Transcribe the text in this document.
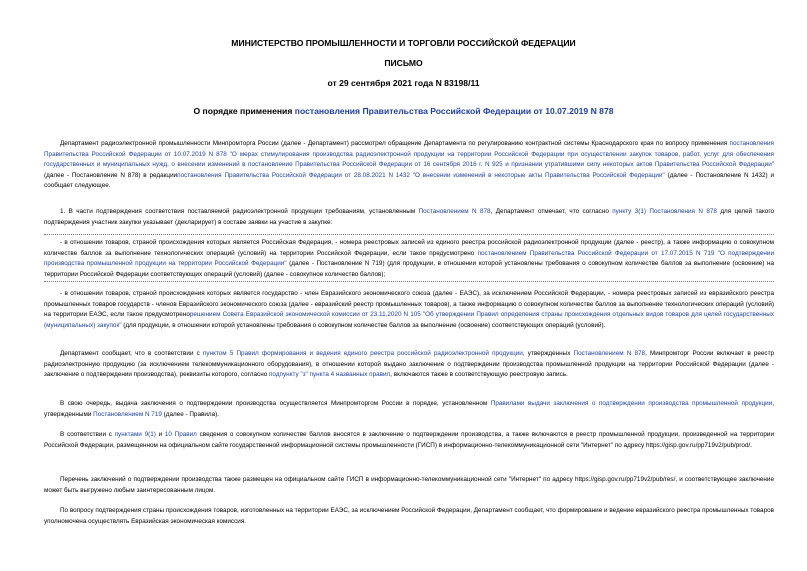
МИНИСТЕРСТВО ПРОМЫШЛЕННОСТИ И ТОРГОВЛИ РОССИЙСКОЙ ФЕДЕРАЦИИ
ПИСЬМО
от 29 сентября 2021 года N 83198/11
О порядке применения постановления Правительства Российской Федерации от 10.07.2019 N 878

Департамент радиоэлектронной промышленности Минпромторга России (далее - Департамент) рассмотрел обращение Департамента по регулированию контрактной системы Краснодарского края по вопросу применения постановления Правительства Российской Федерации от 10.07.2019 N 878 "О мерах стимулирования производства радиоэлектронной продукции на территории Российской Федерации при осуществлении закупок товаров, работ, услуг для обеспечения государственных и муниципальных нужд, о внесении изменений в постановление Правительства Российской Федерации от 16 сентября 2016 г. N 925 и признании утратившими силу некоторых актов Правительства Российской Федерации" (далее - Постановление N 878) в редакциипостановления Правительства Российской Федерации от 28.08.2021 N 1432 "О внесении изменений в некоторые акты Правительства Российской Федерации" (далее - Постановление N 1432) и сообщает следующее.

1. В части подтверждения соответствия поставляемой радиоэлектронной продукции требованиям, установленным Постановлением N 878, Департамент отмечает, что согласно пункту 3(1) Постановления N 878 для целей такого подтверждения участник закупки указывает (декларирует) в составе заявки на участие в закупке:

- в отношении товаров, страной происхождения которых является Российская Федерация, - номера реестровых записей из единого реестра российской радиоэлектронной продукции (далее - реестр), а также информацию о совокупном количестве баллов за выполнение технологических операций (условий) на территории Российской Федерации, если такое предусмотрено постановлением Правительства Российской Федерации от 17.07.2015 N 719 "О подтверждении производства промышленной продукции на территории Российской Федерации" (далее - Постановление N 719) (для продукции, в отношении которой установлены требования о совокупном количестве баллов за выполнение (освоение) на территории Российской Федерации соответствующих операций (условий) (далее - совокупное количество баллов);

- в отношении товаров, страной происхождения которых является государство - член Евразийского экономического союза (далее - ЕАЭС), за исключением Российской Федерации, - номера реестровых записей из евразийского реестра промышленных товаров государств - членов Евразийского экономического союза (далее - евразийский реестр промышленных товаров), а также информацию о совокупном количестве баллов за выполнение технологических операций (условий) на территории ЕАЭС, если такое предусмотренорешением Совета Евразийской экономической комиссии от 23.11.2020 N 105 "Об утверждении Правил определения страны происхождения отдельных видов товаров для целей государственных (муниципальных) закупок" (для продукции, в отношении которой установлены требования о совокупном количестве баллов за выполнение (освоение) соответствующих операций (условий).

Департамент сообщает, что в соответствии с пунктом 5 Правил формирования и ведения единого реестра российской радиоэлектронной продукции, утвержденных Постановлением N 878, Минпромторг России включает в реестр радиоэлектронную продукцию (за исключением телекоммуникационного оборудования), в отношении которой выдано заключение о подтверждении производства промышленной продукции на территории Российской Федерации (далее - заключение о подтверждении производства), реквизиты которого, согласно подпункту "з" пункта 4 названных правил, включаются также в соответствующую реестровую запись.

В свою очередь, выдача заключения о подтверждении производства осуществляется Минпромторгом России в порядке, установленном Правилами выдачи заключения о подтверждении производства промышленной продукции, утвержденными Постановлением N 719 (далее - Правила).

В соответствии с пунктами 9(1) и 10 Правил сведения о совокупном количестве баллов вносятся в заключение о подтверждении производства, а также включаются в реестр промышленной продукции, произведенной на территории Российской Федерации, размещенном на официальном сайте государственной информационной системы промышленности (ГИСП) в информационно-телекоммуникационной сети "Интернет" по адресу https://gisp.gov.ru/pp719v2/pub/prod/.

Перечень заключений о подтверждении производства также размещен на официальном сайте ГИСП в информационно-телекоммуникационной сети "Интернет" по адресу https://gisp.gov.ru/pp719v2/pub/res/, и соответствующее заключение может быть выгружено любым заинтересованным лицом.

По вопросу подтверждения страны происхождения товаров, изготовленных на территории ЕАЭС, за исключением Российской Федерации, Департамент сообщает, что формирование и ведение евразийского реестра промышленных товаров уполномочена осуществлять Евразийская экономическая комиссия.
